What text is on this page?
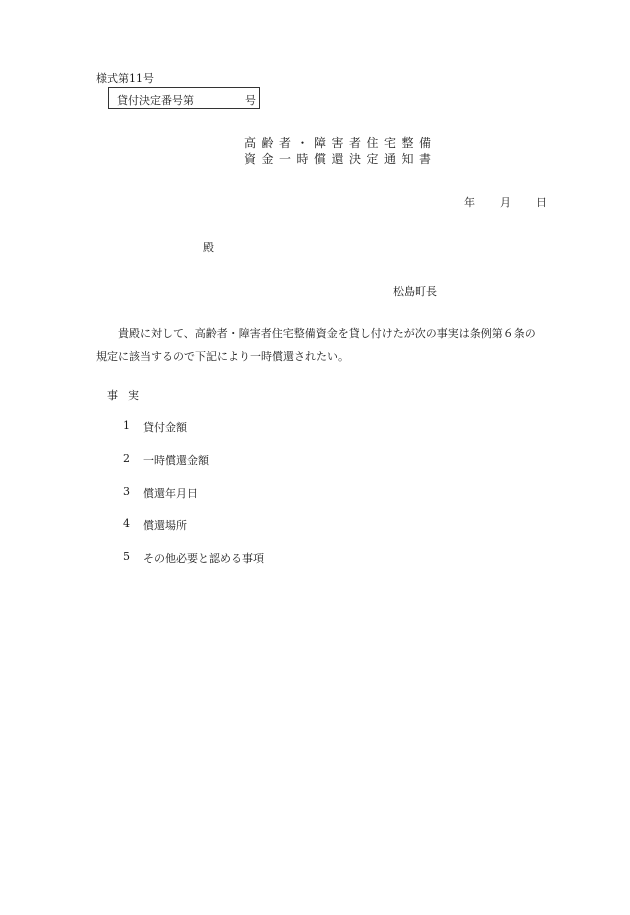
様式第11号
貸付決定番号第	号
高齢者・障害者住宅整備
資金一時償還決定通知書
年 月 日
殿
松島町長
貴殿に対して、高齢者・障害者住宅整備資金を貸し付けたが次の事実は条例第６条の
規定に該当するので下記により一時償還されたい。
事実
1 貸付金額
2 一時償還金額
3 償還年月日
4 償還場所
5 その他必要と認める事項
